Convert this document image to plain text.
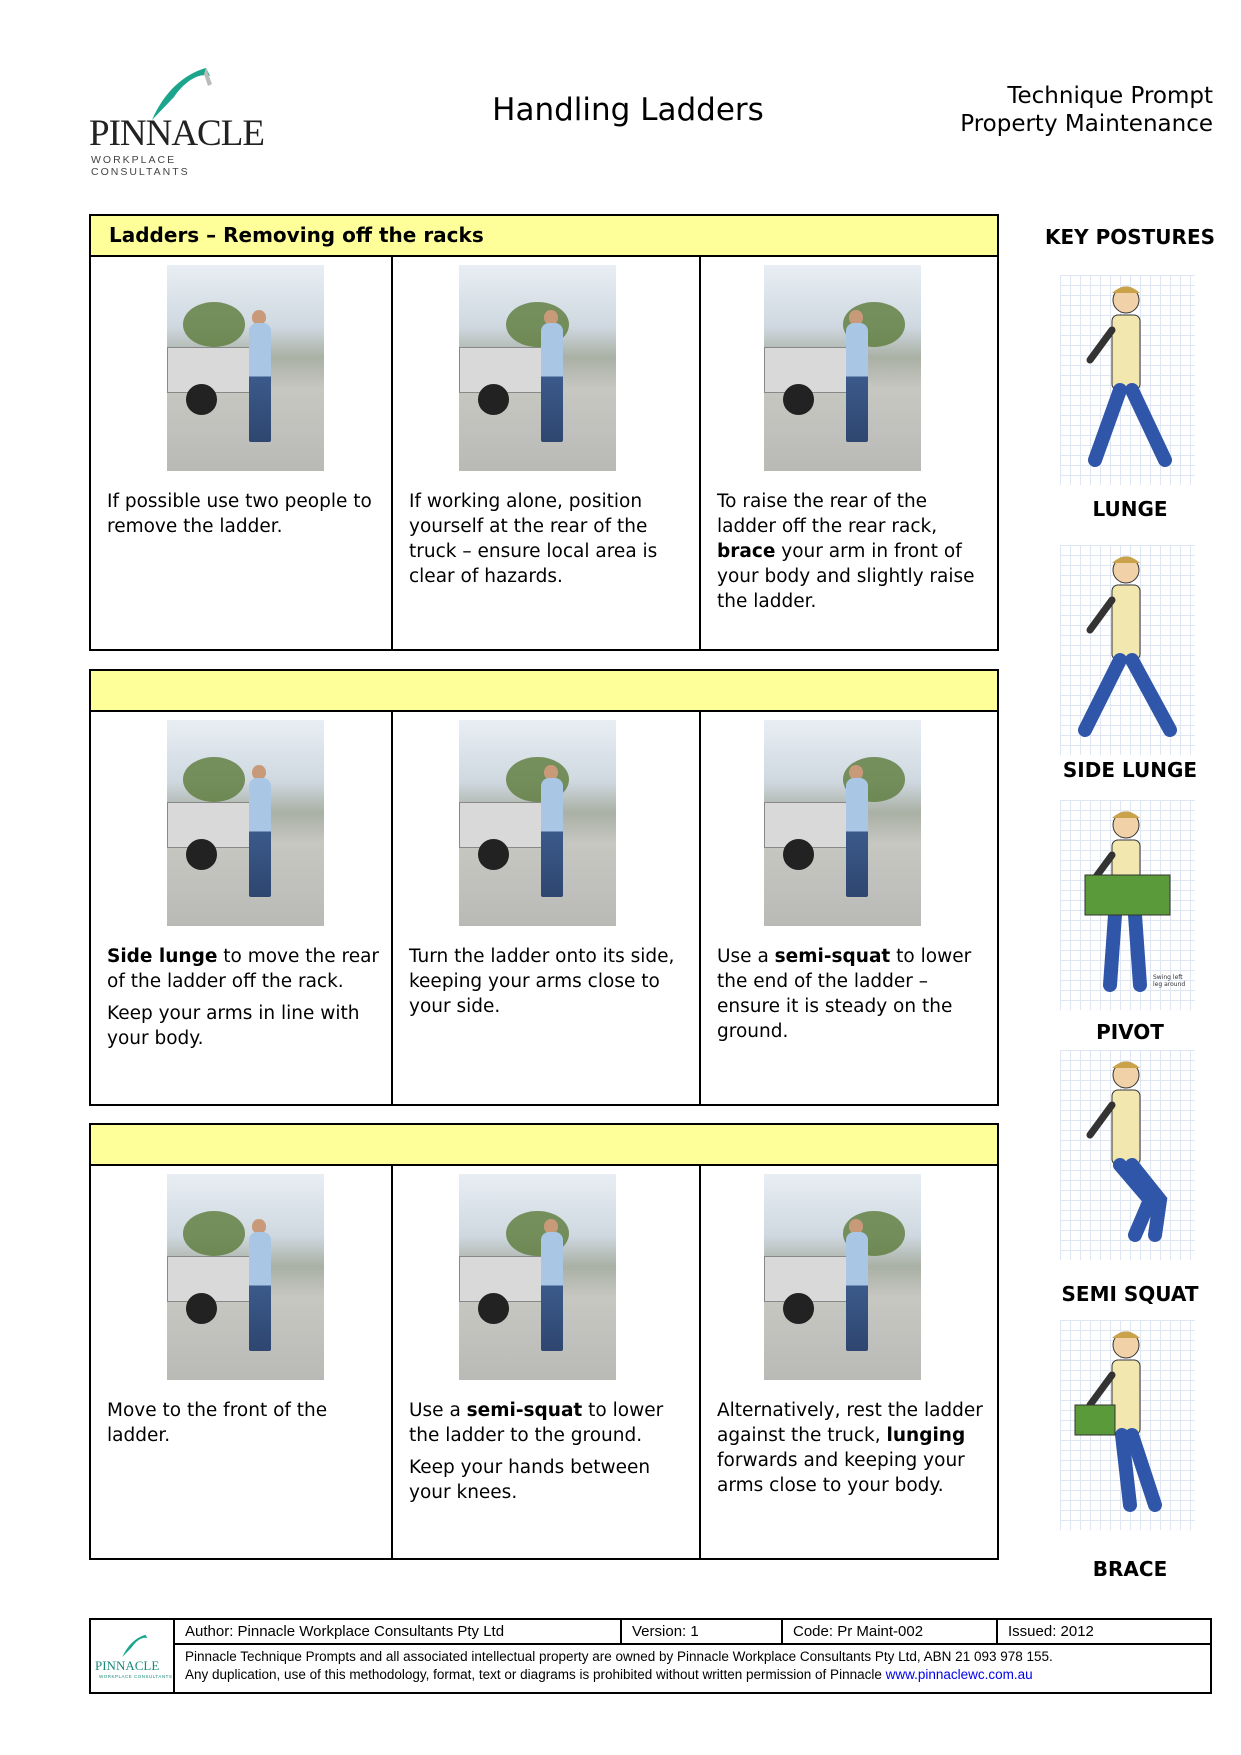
PINNACLE
WORKPLACE CONSULTANTS
Handling Ladders	Technique Prompt
Property Maintenance
Ladders – Removing off the racks

If possible use two people to remove the ladder.

If working alone, position yourself at the rear of the truck – ensure local area is clear of hazards.

To raise the rear of the ladder off the rear rack, brace your arm in front of your body and slightly raise the ladder.

Side lunge to move the rear of the ladder off the rack.

Keep your arms in line with your body.

Turn the ladder onto its side, keeping your arms close to your side.

Use a semi-squat to lower the end of the ladder – ensure it is steady on the ground.

Move to the front of the ladder.

Use a semi-squat to lower the ladder to the ground.

Keep your hands between your knees.

Alternatively, rest the ladder against the truck, lunging forwards and keeping your arms close to your body.

KEY POSTURES
LUNGE
SIDE LUNGE
Swing left leg around
PIVOT
SEMI SQUAT
BRACE
PINNACLE
WORKPLACE CONSULTANTS
Author: Pinnacle Workplace Consultants Pty Ltd	Version: 1	Code: Pr Maint-002	Issued: 2012
Pinnacle Technique Prompts and all associated intellectual property are owned by Pinnacle Workplace Consultants Pty Ltd, ABN 21 093 978 155.
Any duplication, use of this methodology, format, text or diagrams is prohibited without written permission of Pinnacle www.pinnaclewc.com.au
